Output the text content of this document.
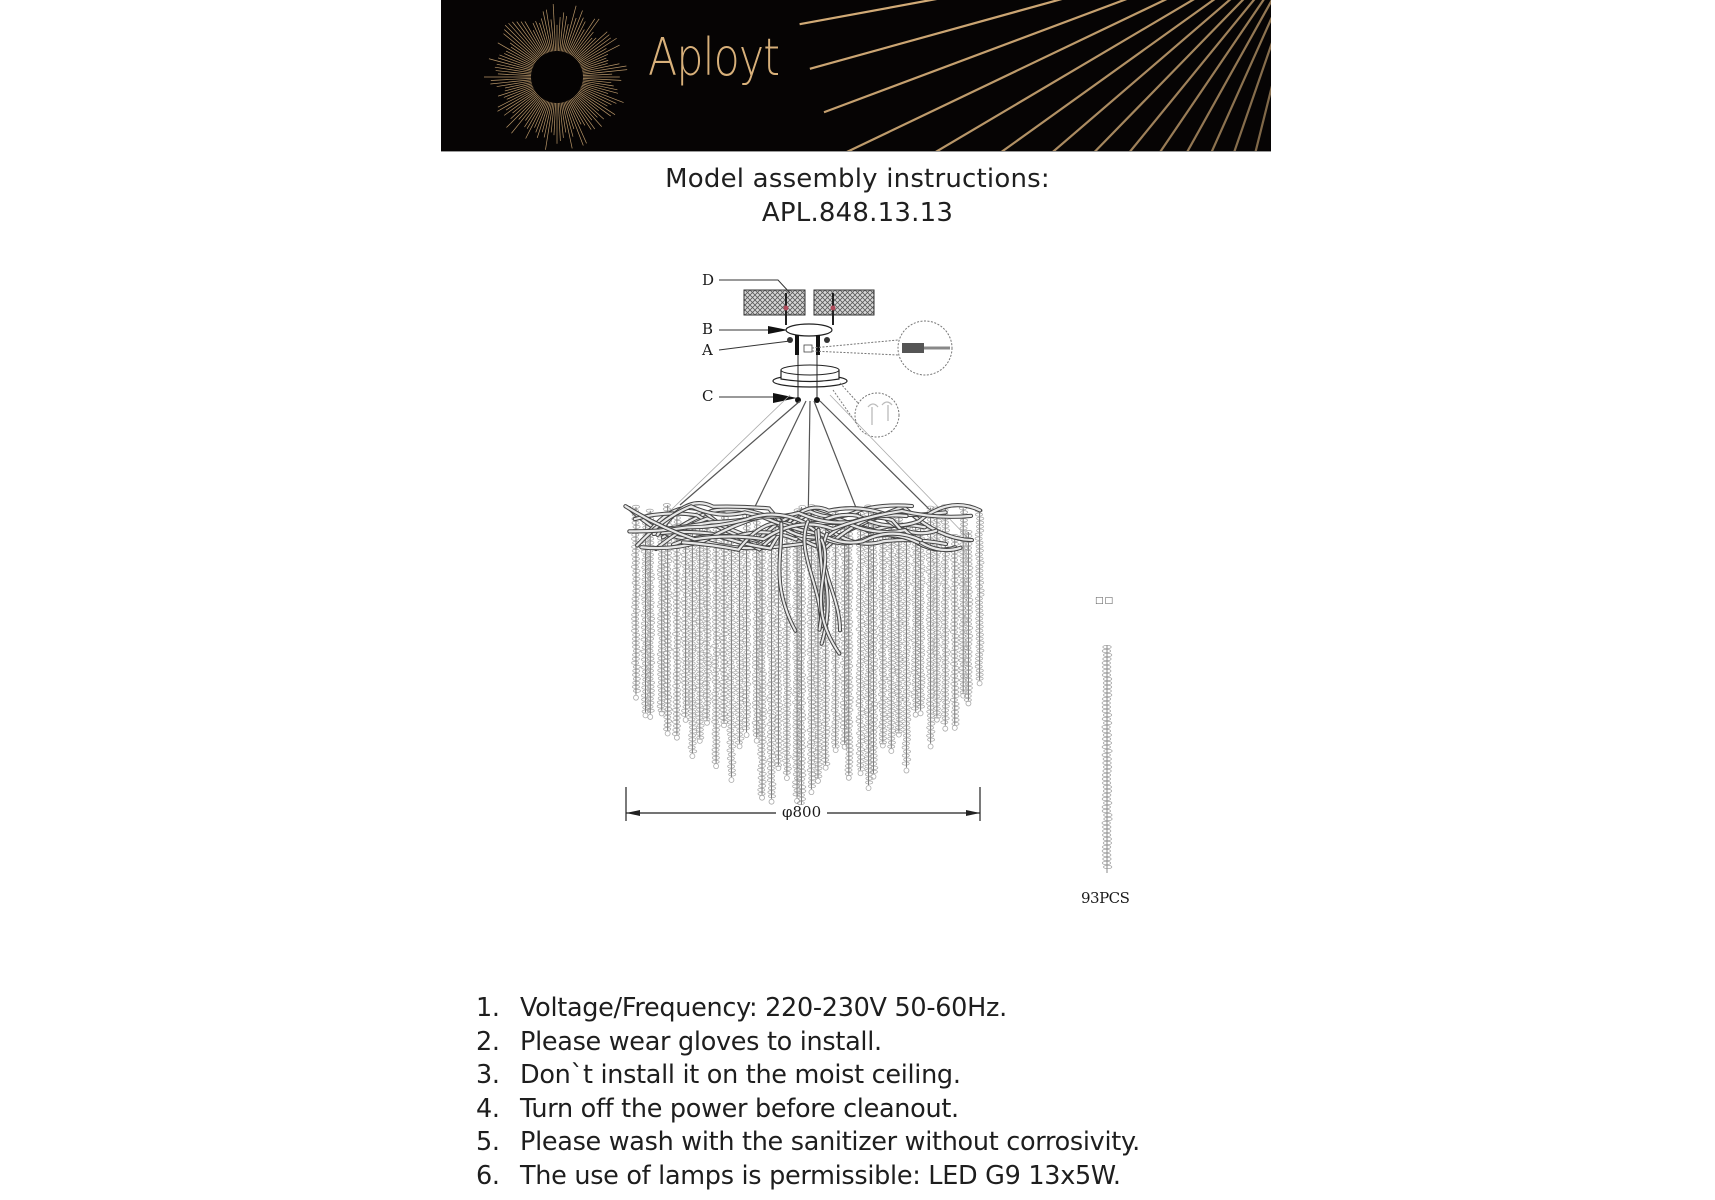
Aployt
Model assembly instructions:
APL.848.13.13
D
B
A
C
φ800
□□
93PCS
1. Voltage/Frequency: 220-230V 50-60Hz.
2. Please wear gloves to install.
3. Don`t install it on the moist ceiling.
4. Turn off the power before cleanout.
5. Please wash with the sanitizer without corrosivity.
6. The use of lamps is permissible: LED G9 13x5W.
